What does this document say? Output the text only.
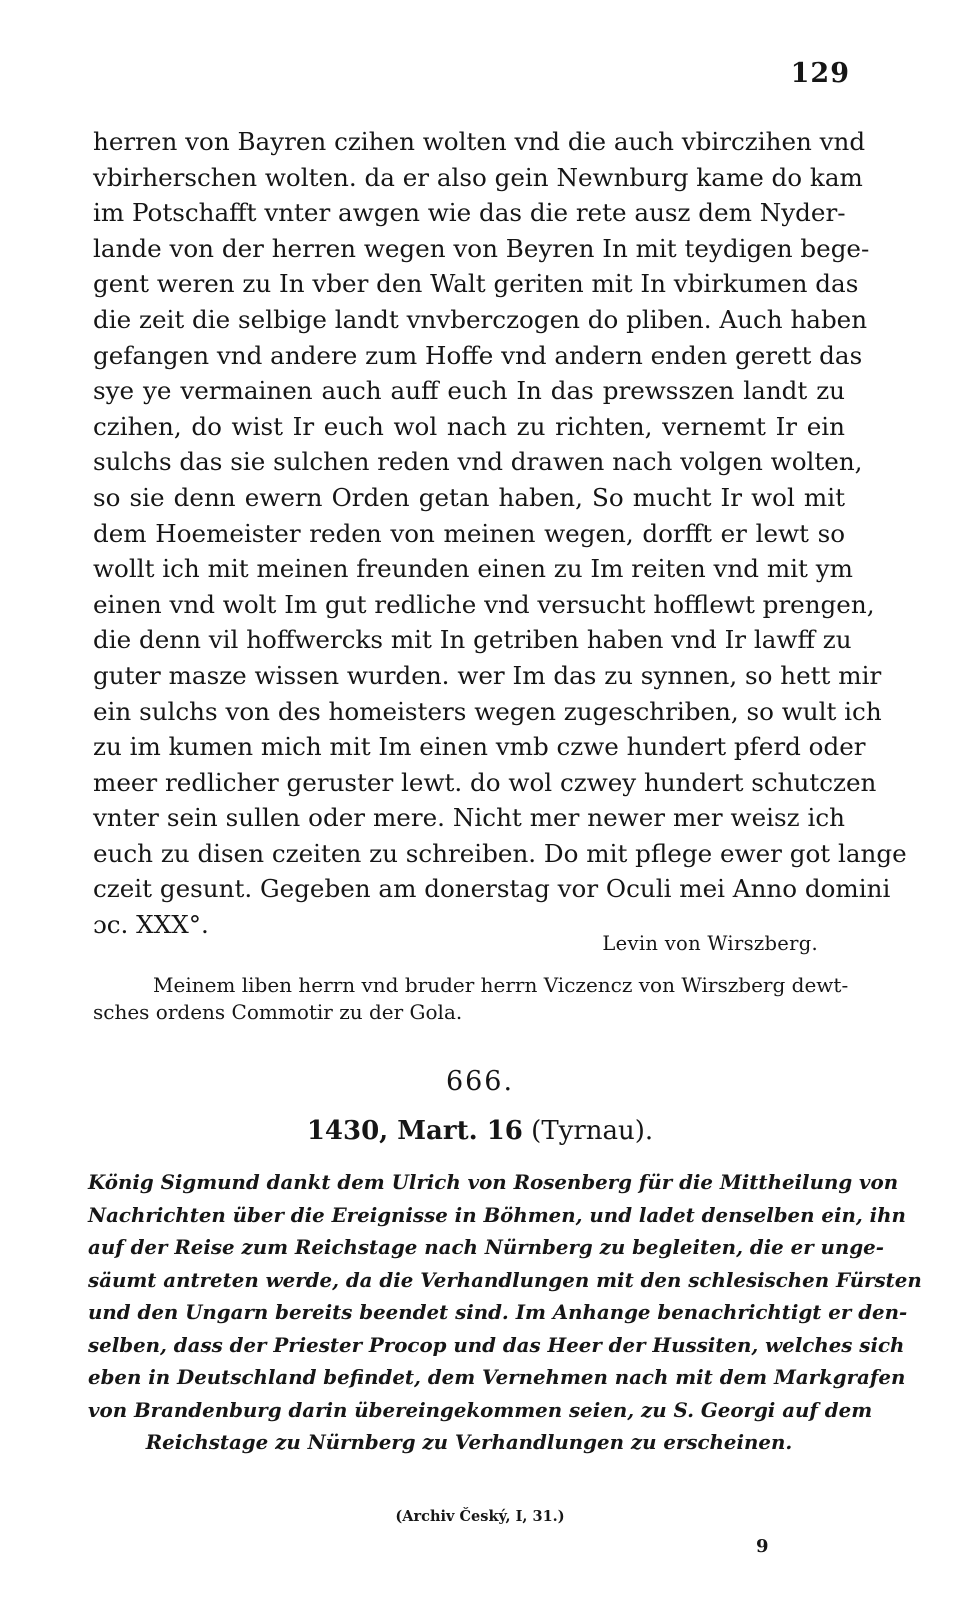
129
herren von Bayren czihen wolten vnd die auch vbirczihen vnd
vbirherschen wolten. da er also gein Newnburg kame do kam
im Potschafft vnter awgen wie das die rete ausz dem Nyder-
lande von der herren wegen von Beyren In mit teydigen bege-
gent weren zu In vber den Walt geriten mit In vbirkumen das
die zeit die selbige landt vnvberczogen do pliben. Auch haben
gefangen vnd andere zum Hoffe vnd andern enden gerett das
sye ye vermainen auch auff euch In das prewsszen landt zu
czihen, do wist Ir euch wol nach zu richten, vernemt Ir ein
sulchs das sie sulchen reden vnd drawen nach volgen wolten,
so sie denn ewern Orden getan haben, So mucht Ir wol mit
dem Hoemeister reden von meinen wegen, dorfft er lewt so
wollt ich mit meinen freunden einen zu Im reiten vnd mit ym
einen vnd wolt Im gut redliche vnd versucht hofflewt prengen,
die denn vil hoffwercks mit In getriben haben vnd Ir lawff zu
guter masze wissen wurden. wer Im das zu synnen, so hett mir
ein sulchs von des homeisters wegen zugeschriben, so wult ich
zu im kumen mich mit Im einen vmb czwe hundert pferd oder
meer redlicher geruster lewt. do wol czwey hundert schutczen
vnter sein sullen oder mere. Nicht mer newer mer weisz ich
euch zu disen czeiten zu schreiben. Do mit pflege ewer got lange
czeit gesunt. Gegeben am donerstag vor Oculi mei Anno domini
ɔc. XXX°.
Levin von Wirszberg.
Meinem liben herrn vnd bruder herrn Viczencz von Wirszberg dewt-
sches ordens Commotir zu der Gola.
666.
1430, Mart. 16 (Tyrnau).
König Sigmund dankt dem Ulrich von Rosenberg für die Mittheilung von
Nachrichten über die Ereignisse in Böhmen, und ladet denselben ein, ihn
auf der Reise zum Reichstage nach Nürnberg zu begleiten, die er unge-
säumt antreten werde, da die Verhandlungen mit den schlesischen Fürsten
und den Ungarn bereits beendet sind. Im Anhange benachrichtigt er den-
selben, dass der Priester Procop und das Heer der Hussiten, welches sich
eben in Deutschland befindet, dem Vernehmen nach mit dem Markgrafen
von Brandenburg darin übereingekommen seien, zu S. Georgi auf dem
Reichstage zu Nürnberg zu Verhandlungen zu erscheinen.
(Archiv Český, I, 31.)
9
